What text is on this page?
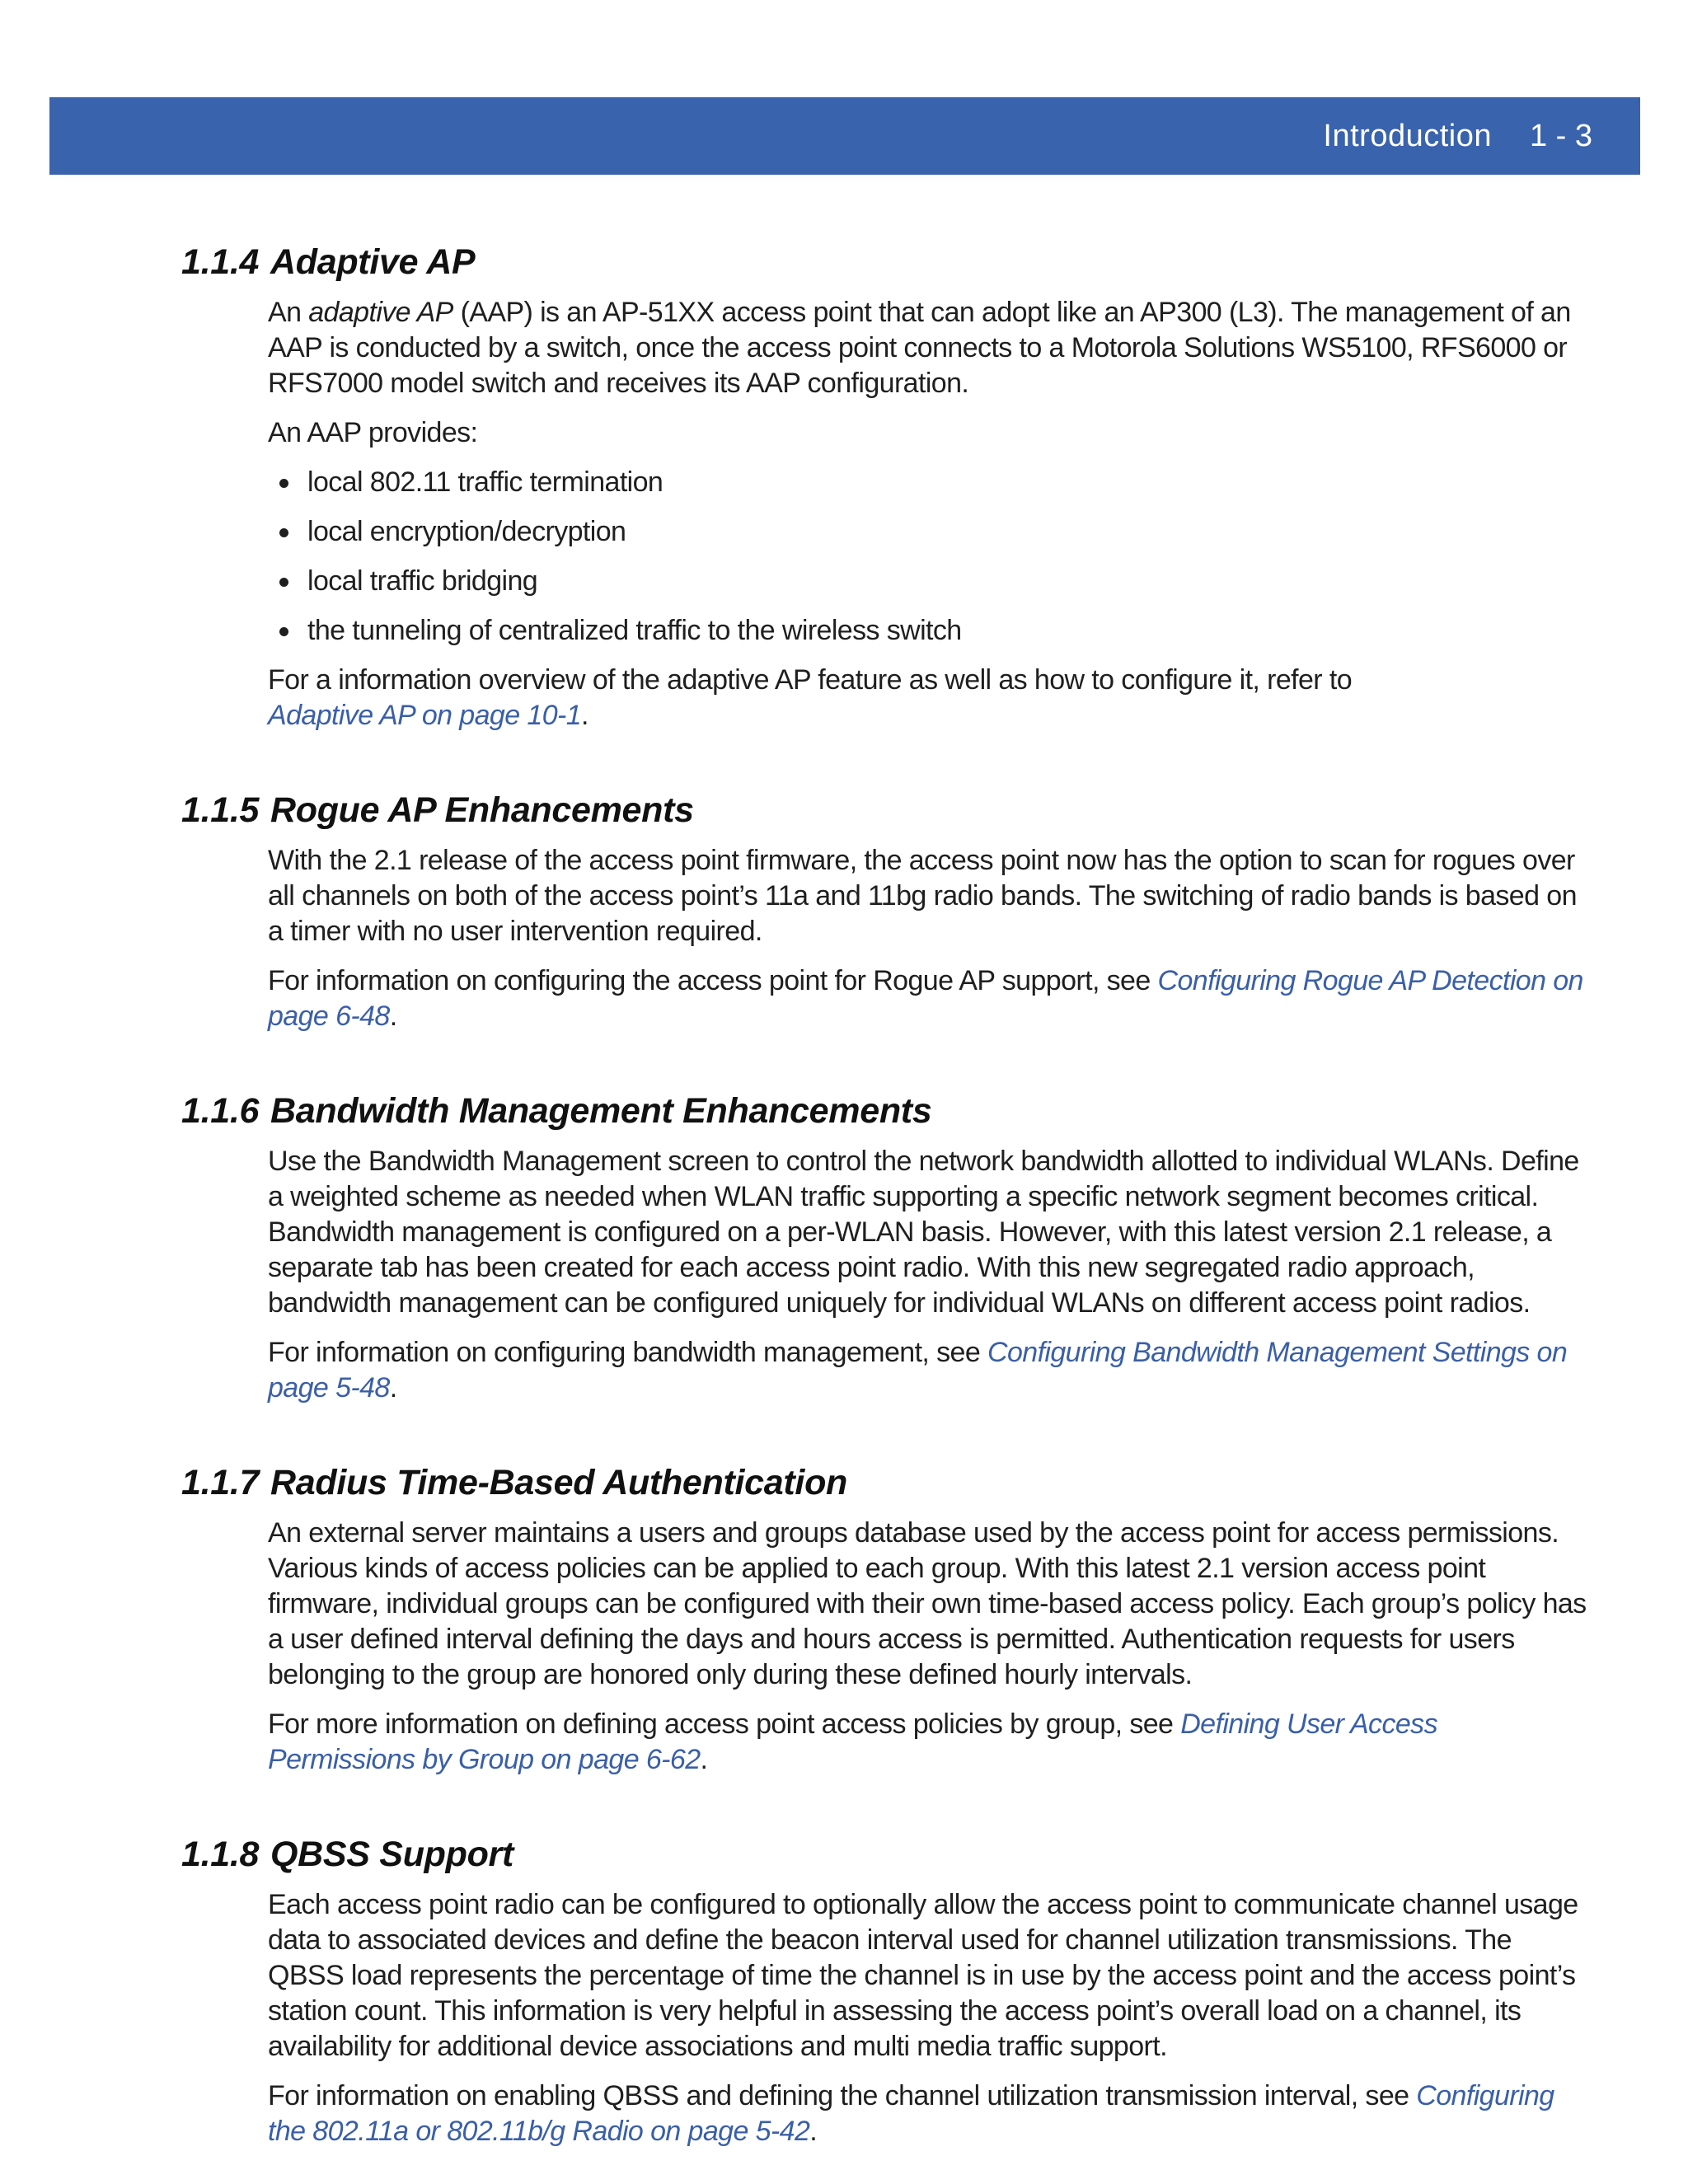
Introduction 1 - 3
1.1.4 Adaptive AP

An adaptive AP (AAP) is an AP-51XX access point that can adopt like an AP300 (L3). The management of an AAP is conducted by a switch, once the access point connects to a Motorola Solutions WS5100, RFS6000 or RFS7000 model switch and receives its AAP configuration.

An AAP provides:

local 802.11 traffic termination
local encryption/decryption
local traffic bridging
the tunneling of centralized traffic to the wireless switch

For a information overview of the adaptive AP feature as well as how to configure it, refer to
Adaptive AP on page 10-1.

1.1.5 Rogue AP Enhancements

With the 2.1 release of the access point firmware, the access point now has the option to scan for rogues over all channels on both of the access point’s 11a and 11bg radio bands. The switching of radio bands is based on a timer with no user intervention required.

For information on configuring the access point for Rogue AP support, see Configuring Rogue AP Detection on page 6-48.

1.1.6 Bandwidth Management Enhancements

Use the Bandwidth Management screen to control the network bandwidth allotted to individual WLANs. Define a weighted scheme as needed when WLAN traffic supporting a specific network segment becomes critical. Bandwidth management is configured on a per-WLAN basis. However, with this latest version 2.1 release, a separate tab has been created for each access point radio. With this new segregated radio approach, bandwidth management can be configured uniquely for individual WLANs on different access point radios.

For information on configuring bandwidth management, see Configuring Bandwidth Management Settings on page 5-48.

1.1.7 Radius Time-Based Authentication

An external server maintains a users and groups database used by the access point for access permissions. Various kinds of access policies can be applied to each group. With this latest 2.1 version access point firmware, individual groups can be configured with their own time-based access policy. Each group’s policy has a user defined interval defining the days and hours access is permitted. Authentication requests for users belonging to the group are honored only during these defined hourly intervals.

For more information on defining access point access policies by group, see Defining User Access Permissions by Group on page 6-62.

1.1.8 QBSS Support

Each access point radio can be configured to optionally allow the access point to communicate channel usage data to associated devices and define the beacon interval used for channel utilization transmissions. The QBSS load represents the percentage of time the channel is in use by the access point and the access point’s station count. This information is very helpful in assessing the access point’s overall load on a channel, its availability for additional device associations and multi media traffic support.

For information on enabling QBSS and defining the channel utilization transmission interval, see Configuring the 802.11a or 802.11b/g Radio on page 5-42.
